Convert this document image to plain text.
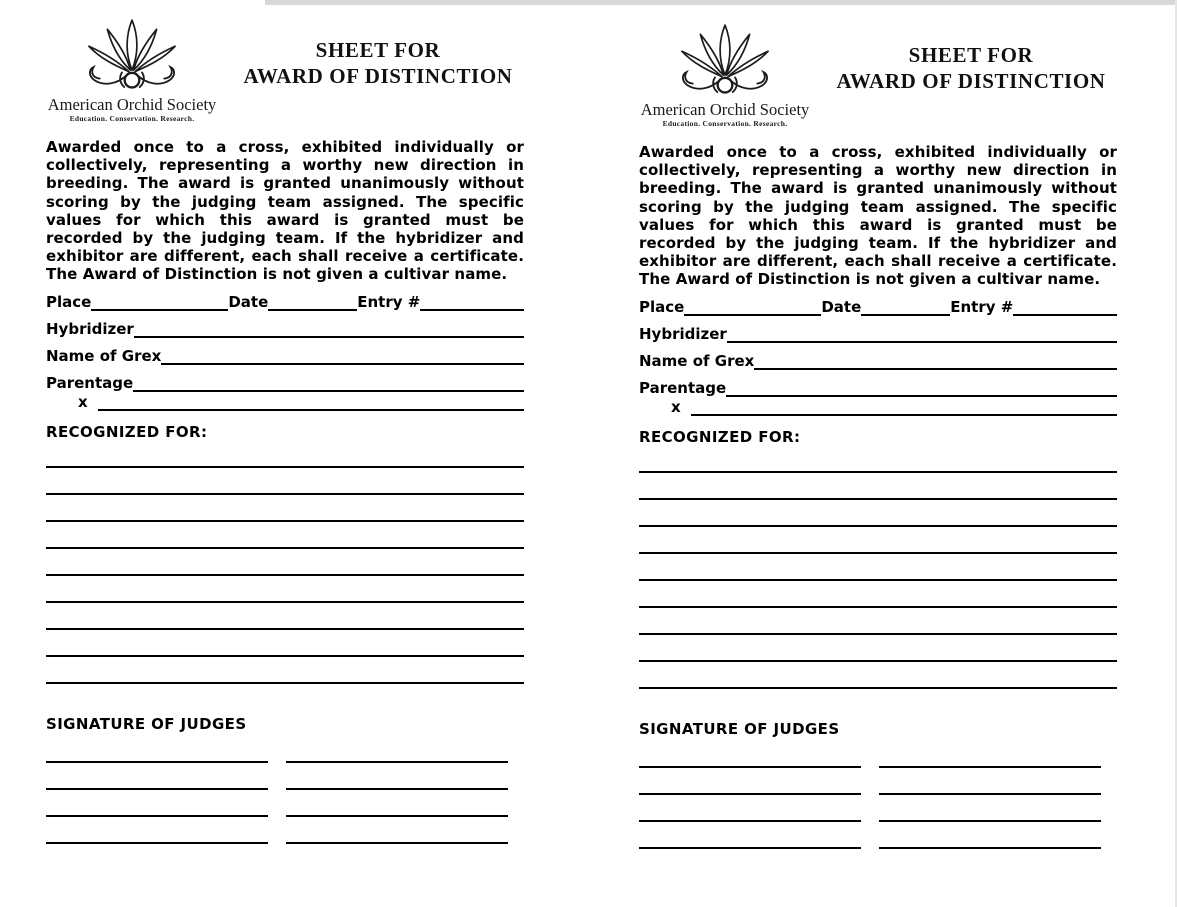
American Orchid Society
Education. Conservation. Research.
SHEET FOR
AWARD OF DISTINCTION
Awarded once to a cross, exhibited individually or collectively, representing a worthy new direction in breeding. The award is granted unanimously without scoring by the judging team assigned. The specific values for which this award is granted must be recorded by the judging team. If the hybridizer and exhibitor are different, each shall receive a certificate. The Award of Distinction is not given a cultivar name.
Place	Date	Entry #
Hybridizer
Name of Grex
Parentage
x
RECOGNIZED FOR:
SIGNATURE OF JUDGES
American Orchid Society
Education. Conservation. Research.
SHEET FOR
AWARD OF DISTINCTION
Awarded once to a cross, exhibited individually or collectively, representing a worthy new direction in breeding. The award is granted unanimously without scoring by the judging team assigned. The specific values for which this award is granted must be recorded by the judging team. If the hybridizer and exhibitor are different, each shall receive a certificate. The Award of Distinction is not given a cultivar name.
Place	Date	Entry #
Hybridizer
Name of Grex
Parentage
x
RECOGNIZED FOR:
SIGNATURE OF JUDGES
